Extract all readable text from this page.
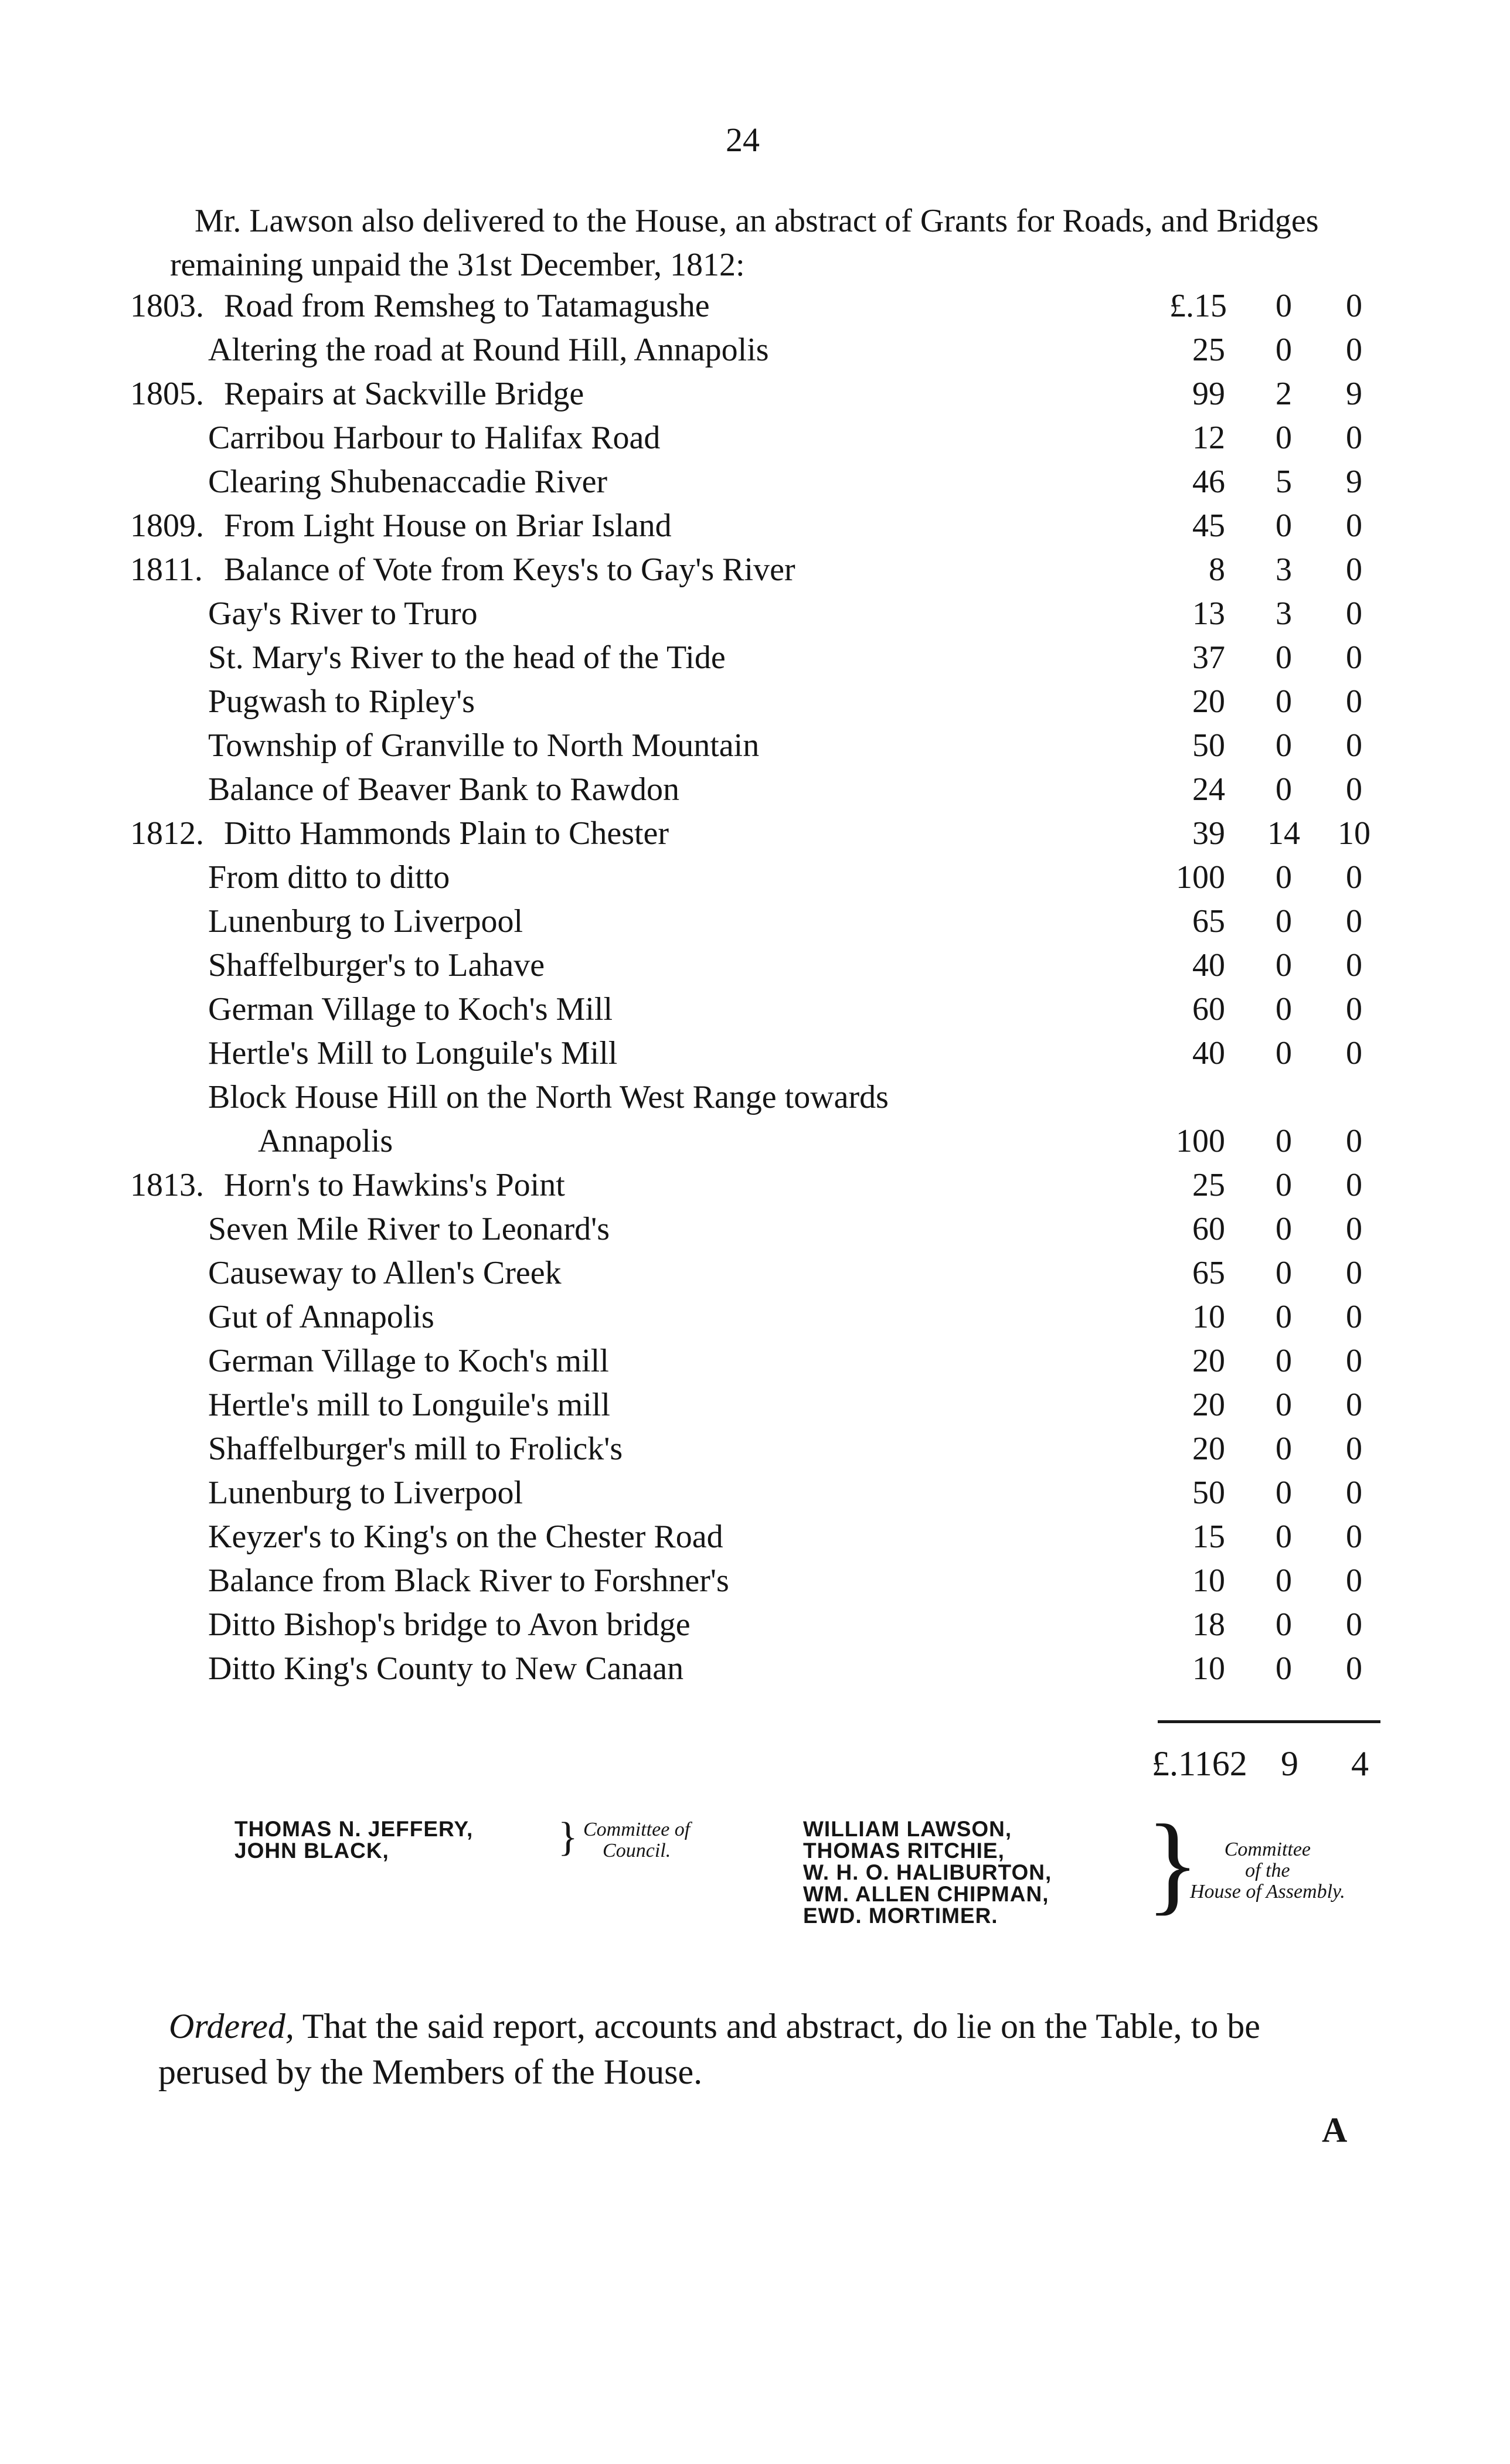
24
Mr. Lawson also delivered to the House, an abstract of Grants for Roads, and Bridges remaining unpaid the 31st December, 1812:
1803. Road from Remsheg to Tatamagushe	£.15	0	0
Altering the road at Round Hill, Annapolis	25	0	0
1805. Repairs at Sackville Bridge	99	2	9
Carribou Harbour to Halifax Road	12	0	0
Clearing Shubenaccadie River	46	5	9
1809. From Light House on Briar Island	45	0	0
1811. Balance of Vote from Keys's to Gay's River	8	3	0
Gay's River to Truro	13	3	0
St. Mary's River to the head of the Tide	37	0	0
Pugwash to Ripley's	20	0	0
Township of Granville to North Mountain	50	0	0
Balance of Beaver Bank to Rawdon	24	0	0
1812. Ditto Hammonds Plain to Chester	39 14 10
From ditto to ditto	100	0	0
Lunenburg to Liverpool	65	0	0
Shaffelburger's to Lahave	40	0	0
German Village to Koch's Mill	60	0	0
Hertle's Mill to Longuile's Mill	40	0	0
Block House Hill on the North West Range towards
Annapolis	100	0	0
1813. Horn's to Hawkins's Point	25	0	0
Seven Mile River to Leonard's	60	0	0
Causeway to Allen's Creek	65	0	0
Gut of Annapolis	10	0	0
German Village to Koch's mill	20	0	0
Hertle's mill to Longuile's mill	20	0	0
Shaffelburger's mill to Frolick's	20	0	0
Lunenburg to Liverpool	50	0	0
Keyzer's to King's on the Chester Road	15	0	0
Balance from Black River to Forshner's	10	0	0
Ditto Bishop's bridge to Avon bridge	18	0	0
Ditto King's County to New Canaan	10	0	0
£.1162 9 4
THOMAS N. JEFFERY,
JOHN BLACK,	} Committee of
Council.
WILLIAM LAWSON,
THOMAS RITCHIE,
W. H. O. HALIBURTON,
WM. ALLEN CHIPMAN,
EWD. MORTIMER.	}	Committee
of the
House of Assembly.
Ordered, That the said report, accounts and abstract, do lie on the Table, to be perused by the Members of the House.
A
